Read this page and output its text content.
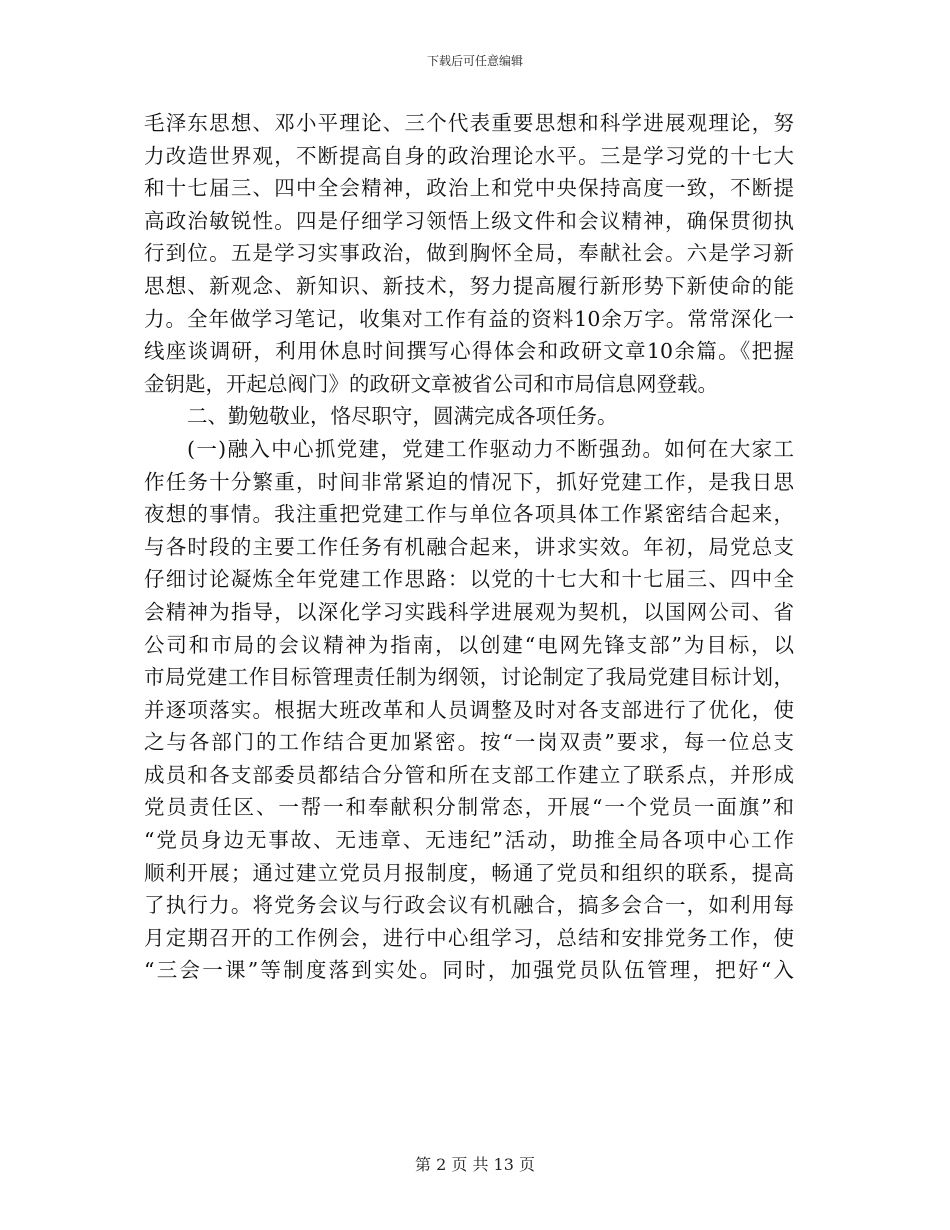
下载后可任意编辑
毛泽东思想、邓小平理论、三个代表重要思想和科学进展观理论，努
力改造世界观，不断提高自身的政治理论水平。三是学习党的十七大
和十七届三、四中全会精神，政治上和党中央保持高度一致，不断提
高政治敏锐性。四是仔细学习领悟上级文件和会议精神，确保贯彻执
行到位。五是学习实事政治，做到胸怀全局，奉献社会。六是学习新
思想、新观念、新知识、新技术，努力提高履行新形势下新使命的能
力。全年做学习笔记，收集对工作有益的资料10余万字。常常深化一
线座谈调研，利用休息时间撰写心得体会和政研文章10余篇。《把握
金钥匙，开起总阀门》的政研文章被省公司和市局信息网登载。
二、勤勉敬业，恪尽职守，圆满完成各项任务。
(一)融入中心抓党建，党建工作驱动力不断强劲。如何在大家工
作任务十分繁重，时间非常紧迫的情况下，抓好党建工作，是我日思
夜想的事情。我注重把党建工作与单位各项具体工作紧密结合起来，
与各时段的主要工作任务有机融合起来，讲求实效。年初，局党总支
仔细讨论凝炼全年党建工作思路：以党的十七大和十七届三、四中全
会精神为指导，以深化学习实践科学进展观为契机，以国网公司、省
公司和市局的会议精神为指南，以创建“电网先锋支部”为目标，以
市局党建工作目标管理责任制为纲领，讨论制定了我局党建目标计划，
并逐项落实。根据大班改革和人员调整及时对各支部进行了优化，使
之与各部门的工作结合更加紧密。按“一岗双责”要求，每一位总支
成员和各支部委员都结合分管和所在支部工作建立了联系点，并形成
党员责任区、一帮一和奉献积分制常态，开展“一个党员一面旗”和
“党员身边无事故、无违章、无违纪”活动，助推全局各项中心工作
顺利开展；通过建立党员月报制度，畅通了党员和组织的联系，提高
了执行力。将党务会议与行政会议有机融合，搞多会合一，如利用每
月定期召开的工作例会，进行中心组学习，总结和安排党务工作，使
“三会一课”等制度落到实处。同时，加强党员队伍管理，把好“入
第 2 页 共 13 页
